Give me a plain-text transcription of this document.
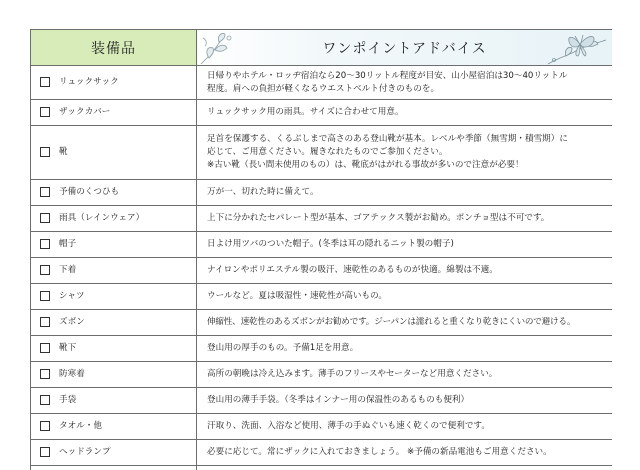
装備品	ワンポイントアドバイス

リュックサック	日帰りやホテル・ロッヂ宿泊なら20～30リットル程度が目安、山小屋宿泊は30～40リットル
程度。肩への負担が軽くなるウエストベルト付きのものを。

ザックカバー	リュックサック用の雨具。サイズに合わせて用意。

靴	足首を保護する、くるぶしまで高さのある登山靴が基本。レベルや季節（無雪期・積雪期）に
応じて、ご用意ください。履きなれたものでご参加ください。
※古い靴（長い間未使用のもの）は、靴底がはがれる事故が多いので注意が必要！

予備のくつひも	万が一、切れた時に備えて。

雨具（レインウェア）	上下に分かれたセパレート型が基本、ゴアテックス製がお勧め。ポンチョ型は不可です。

帽子	日よけ用ツバのついた帽子。(冬季は耳の隠れるニット製の帽子)

下着	ナイロンやポリエステル製の吸汗、速乾性のあるものが快適。綿製は不適。

シャツ	ウールなど。夏は吸湿性・速乾性が高いもの。

ズボン	伸縮性、速乾性のあるズボンがお勧めです。ジーパンは濡れると重くなり乾きにくいので避ける。

靴下	登山用の厚手のもの。予備1足を用意。

防寒着	高所の朝晩は冷え込みます。薄手のフリースやセーターなど用意ください。

手袋	登山用の薄手手袋。（冬季はインナー用の保温性のあるものも便利）

タオル・他	汗取り、洗面、入浴など使用、薄手の手ぬぐいも速く乾くので便利です。

ヘッドランプ	必要に応じて。常にザックに入れておきましょう。 ※予備の新品電池もご用意ください。
